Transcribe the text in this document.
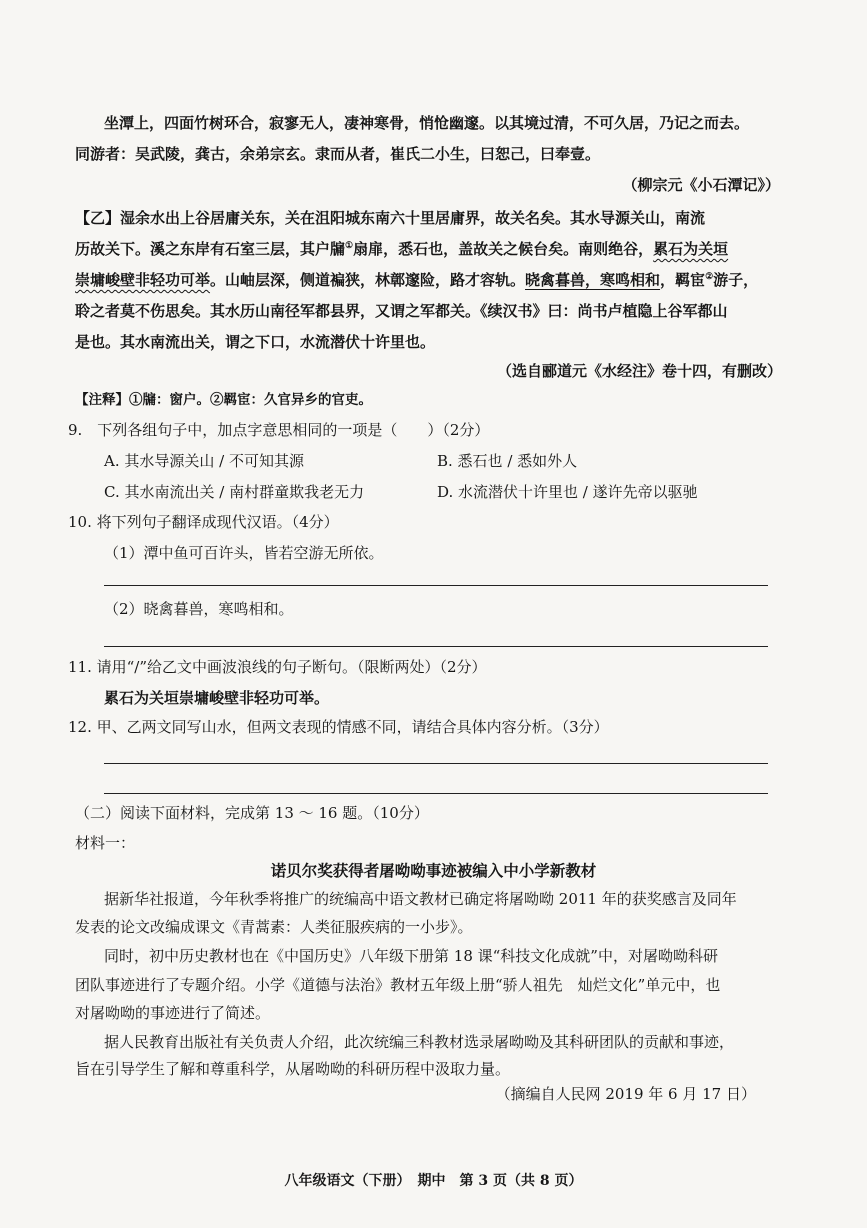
坐潭上，四面竹树环合，寂寥无人，凄神寒骨，悄怆幽邃。以其境过清，不可久居，乃记之而去。
同游者：吴武陵，龚古，余弟宗玄。隶而从者，崔氏二小生，曰恕己，曰奉壹。
（柳宗元《小石潭记》）
【乙】湿余水出上谷居庸关东，关在沮阳城东南六十里居庸界，故关名矣。其水导源关山，南流
历故关下。溪之东岸有石室三层，其户牖①扇扉，悉石也，盖故关之候台矣。南则绝谷，累石为关垣
崇墉峻壁非轻功可举。山岫层深，侧道褊狭，林鄣邃险，路才容轨。晓禽暮兽，寒鸣相和，羁宦②游子，
聆之者莫不伤思矣。其水历山南径军都县界，又谓之军都关。《续汉书》曰：尚书卢植隐上谷军都山
是也。其水南流出关，谓之下口，水流潜伏十许里也。
（选自郦道元《水经注》卷十四，有删改）
【注释】①牖：窗户。②羁宦：久官异乡的官吏。
9.　下列各组句子中，加点字意思相同的一项是（　　）（2分）
A. 其水导源关山 / 不可知其源	B. 悉石也 / 悉如外人
C. 其水南流出关 / 南村群童欺我老无力	D. 水流潜伏十许里也 / 遂许先帝以驱驰
10. 将下列句子翻译成现代汉语。（4分）
（1）潭中鱼可百许头，皆若空游无所依。
（2）晓禽暮兽，寒鸣相和。
11. 请用“/”给乙文中画波浪线的句子断句。（限断两处）（2分）
累石为关垣崇墉峻壁非轻功可举。
12. 甲、乙两文同写山水，但两文表现的情感不同，请结合具体内容分析。（3分）
（二）阅读下面材料，完成第 13 ～ 16 题。（10分）
材料一：
诺贝尔奖获得者屠呦呦事迹被编入中小学新教材
据新华社报道，今年秋季将推广的统编高中语文教材已确定将屠呦呦 2011 年的获奖感言及同年
发表的论文改编成课文《青蒿素：人类征服疾病的一小步》。
同时，初中历史教材也在《中国历史》八年级下册第 18 课“科技文化成就”中，对屠呦呦科研
团队事迹进行了专题介绍。小学《道德与法治》教材五年级上册“骄人祖先　灿烂文化”单元中，也
对屠呦呦的事迹进行了简述。
据人民教育出版社有关负责人介绍，此次统编三科教材选录屠呦呦及其科研团队的贡献和事迹，
旨在引导学生了解和尊重科学，从屠呦呦的科研历程中汲取力量。
（摘编自人民网 2019 年 6 月 17 日）
八年级语文（下册）　期中　第 3 页（共 8 页）
